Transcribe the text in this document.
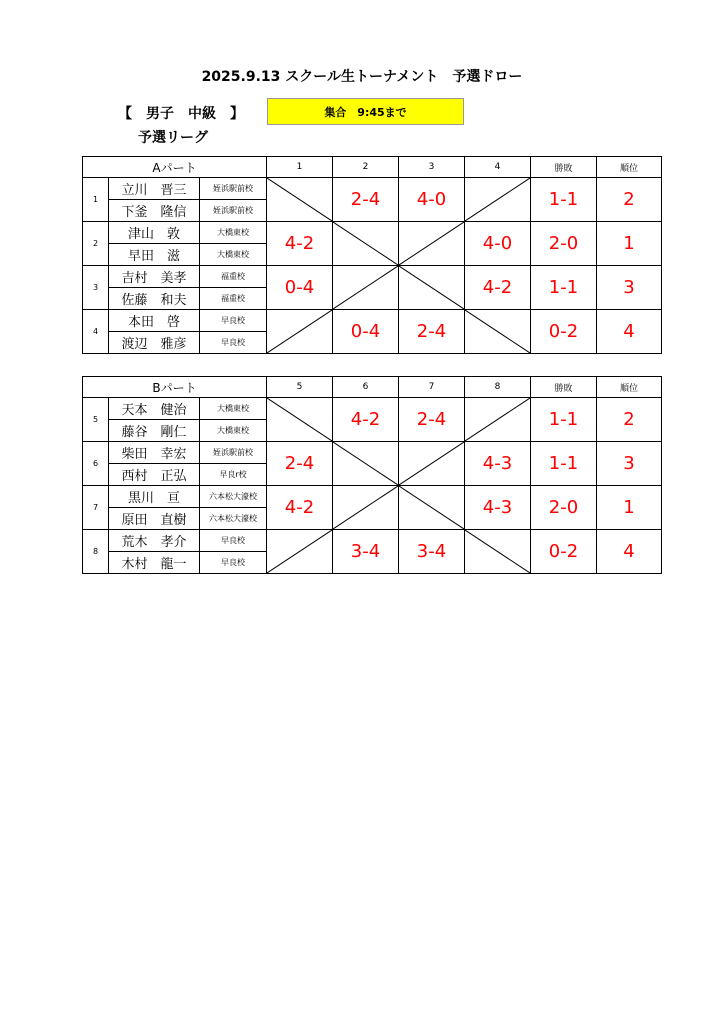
2025.9.13 スクール生トーナメント　予選ドロー
【　男子　中級　】
予選リーグ
集合　9:45まで
Aパート			1	2	3	4	勝敗	順位
1	立川　晋三	姪浜駅前校		2-4	4-0		1-1	2
	下釜　隆信	姪浜駅前校						
2	津山　敦	大橋東校	4-2			4-0	2-0	1
	早田　滋	大橋東校						
3	吉村　美孝	福重校	0-4			4-2	1-1	3
	佐藤　和夫	福重校						
4	本田　啓	早良校		0-4	2-4		0-2	4
	渡辺　雅彦	早良校						
Bパート			5	6	7	8	勝敗	順位
5	天本　健治	大橋東校		4-2	2-4		1-1	2
	藤谷　剛仁	大橋東校						
6	柴田　幸宏	姪浜駅前校	2-4			4-3	1-1	3
	西村　正弘	早良r校						
7	黒川　亘	六本松大濠校	4-2			4-3	2-0	1
	原田　直樹	六本松大濠校						
8	荒木　孝介	早良校		3-4	3-4		0-2	4
	木村　龍一	早良校						
